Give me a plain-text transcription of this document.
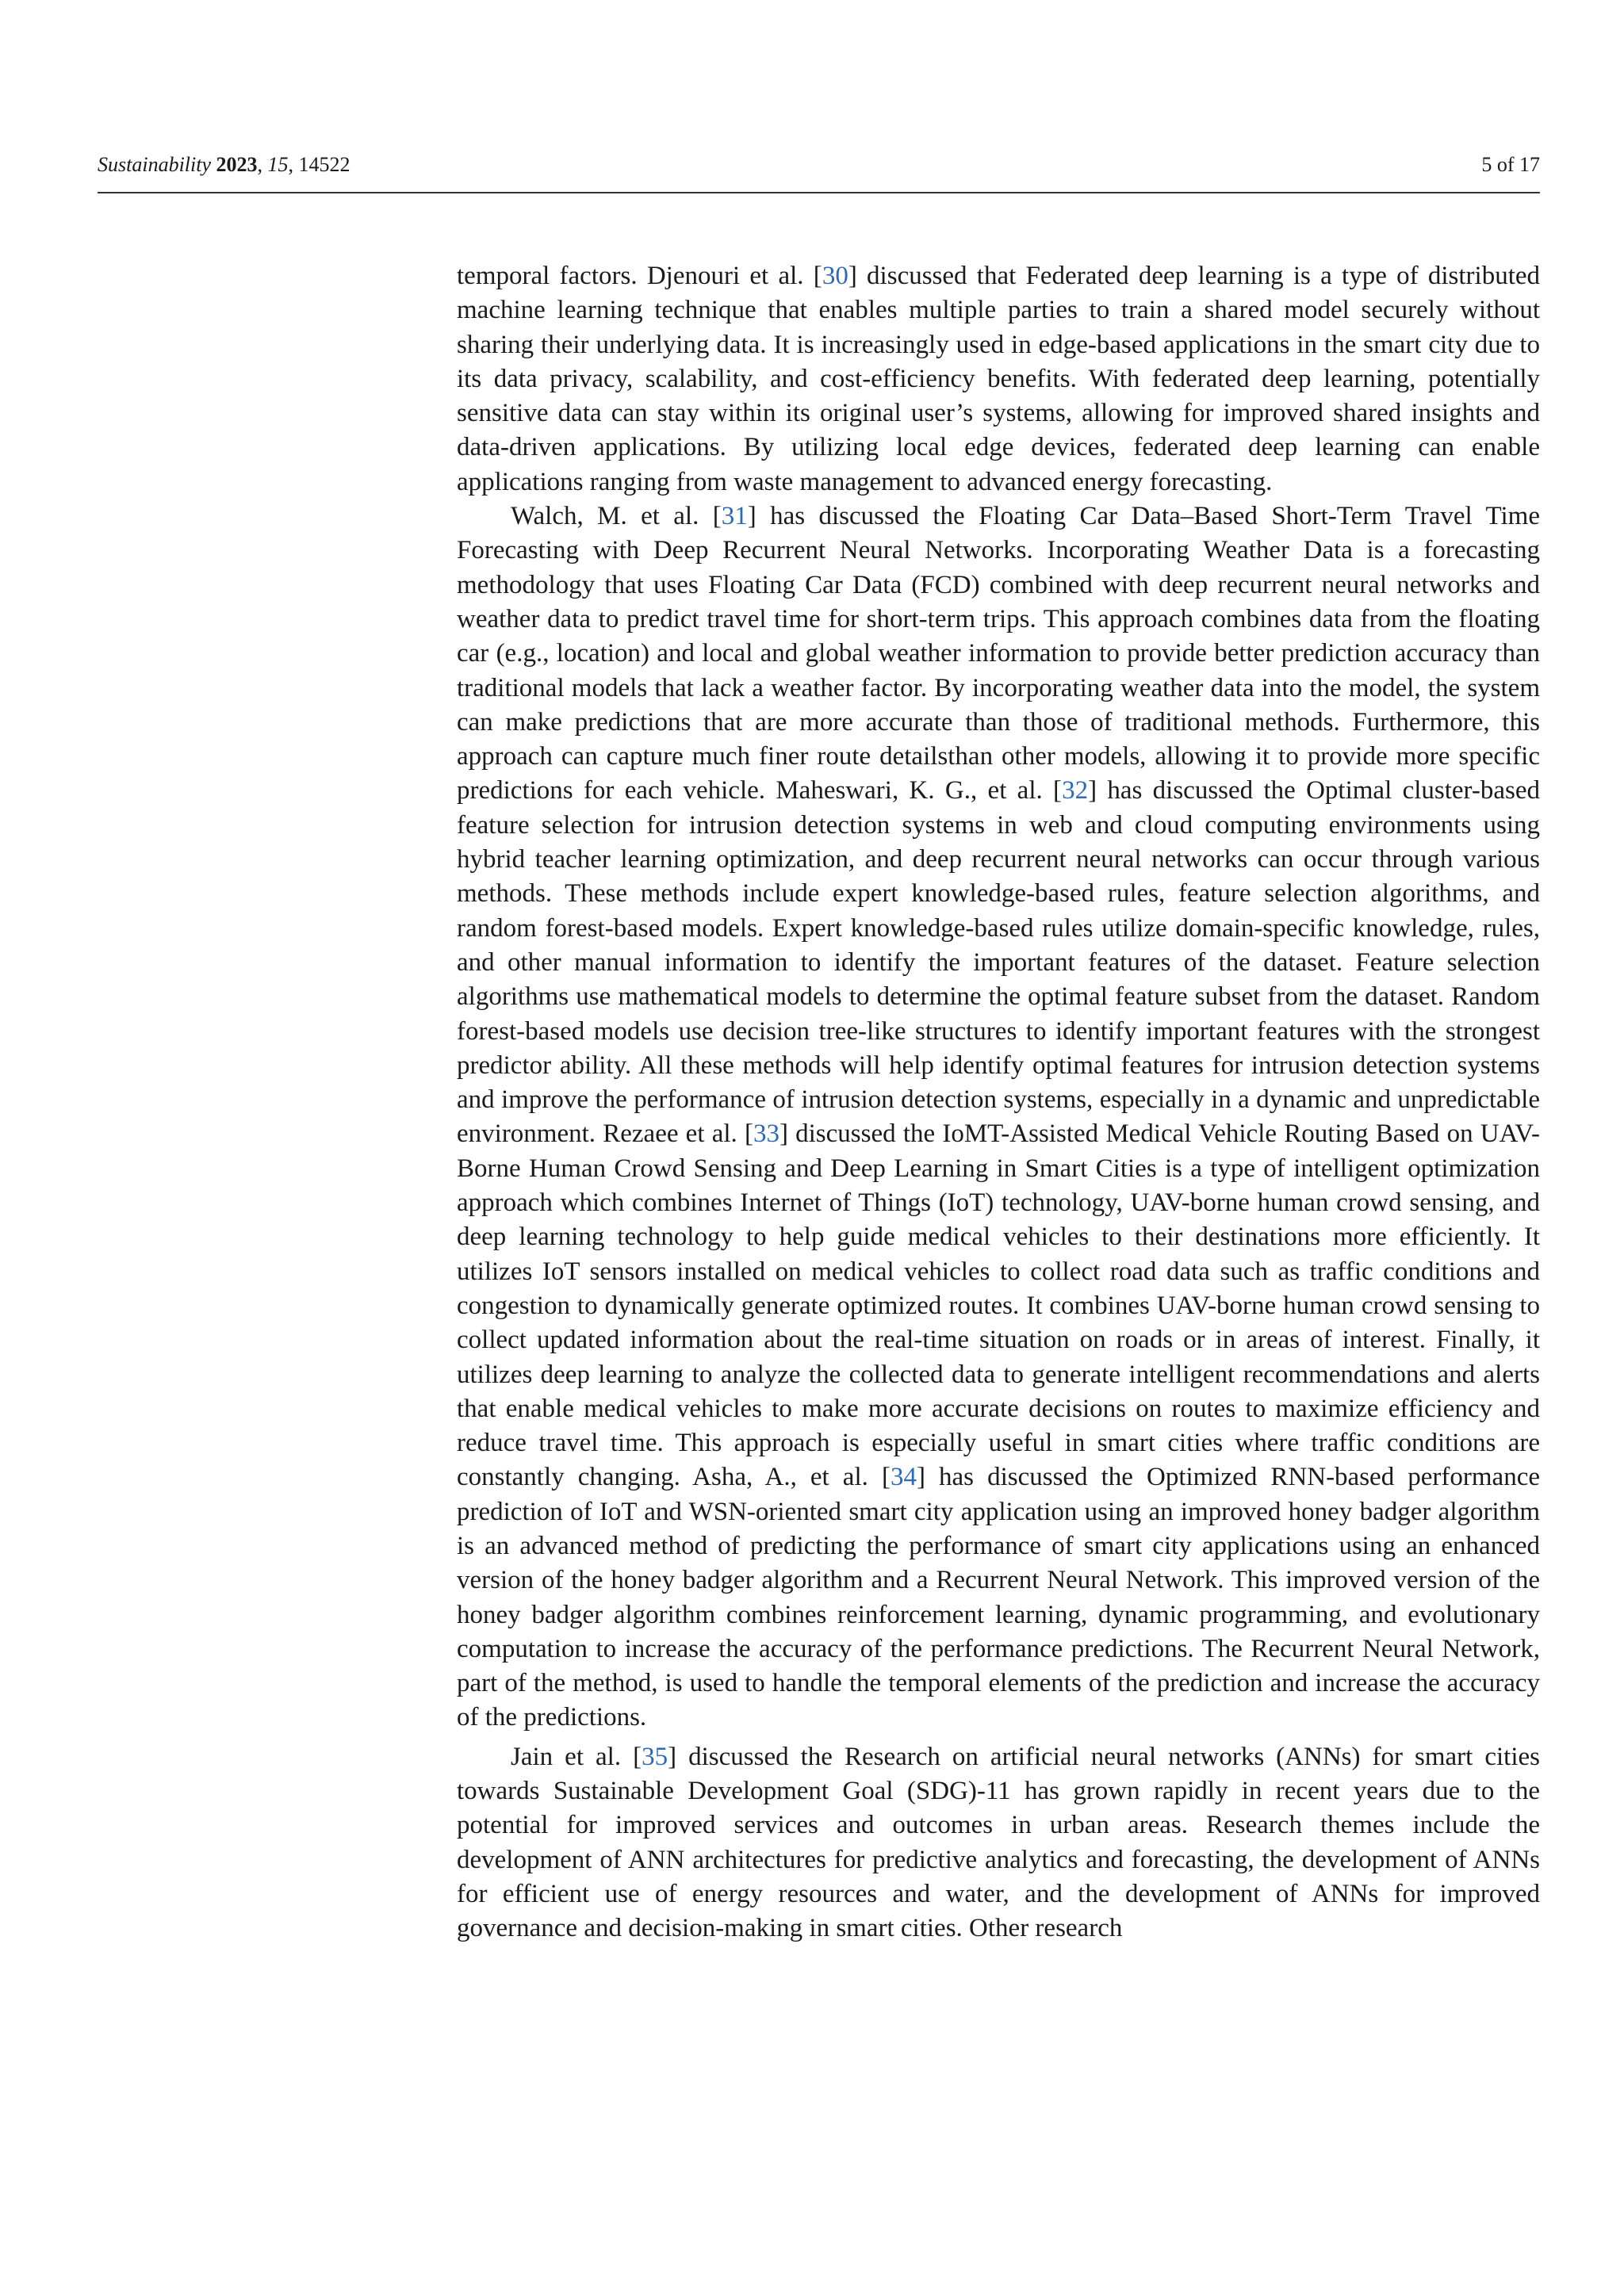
Sustainability 2023, 15, 14522	5 of 17

temporal factors. Djenouri et al. [30] discussed that Federated deep learning is a type of distributed machine learning technique that enables multiple parties to train a shared model securely without sharing their underlying data. It is increasingly used in edge-based applications in the smart city due to its data privacy, scalability, and cost-efficiency benefits. With federated deep learning, potentially sensitive data can stay within its original user’s systems, allowing for improved shared insights and data-driven applications. By utilizing local edge devices, federated deep learning can enable applications ranging from waste management to advanced energy forecasting.

Walch, M. et al. [31] has discussed the Floating Car Data–Based Short-Term Travel Time Forecasting with Deep Recurrent Neural Networks. Incorporating Weather Data is a forecasting methodology that uses Floating Car Data (FCD) combined with deep recurrent neural networks and weather data to predict travel time for short-term trips. This approach combines data from the floating car (e.g., location) and local and global weather information to provide better prediction accuracy than traditional models that lack a weather factor. By incorporating weather data into the model, the system can make predictions that are more accurate than those of traditional methods. Furthermore, this approach can capture much finer route detailsthan other models, allowing it to provide more specific predictions for each vehicle. Maheswari, K. G., et al. [32] has discussed the Optimal cluster-based feature selection for intrusion detection systems in web and cloud computing environments using hybrid teacher learning optimization, and deep recurrent neural networks can occur through various methods. These methods include expert knowledge-based rules, feature selection algorithms, and random forest-based models. Expert knowledge-based rules utilize domain-specific knowledge, rules, and other manual information to identify the important features of the dataset. Feature selection algorithms use mathematical models to determine the optimal feature subset from the dataset. Random forest-based models use decision tree-like structures to identify important features with the strongest predictor ability. All these methods will help identify optimal features for intrusion detection systems and improve the performance of intrusion detection systems, especially in a dynamic and unpredictable environment. Rezaee et al. [33] discussed the IoMT-Assisted Medical Vehicle Routing Based on UAV-Borne Human Crowd Sensing and Deep Learning in Smart Cities is a type of intelligent optimization approach which combines Internet of Things (IoT) technology, UAV-borne human crowd sensing, and deep learning technology to help guide medical vehicles to their destinations more efficiently. It utilizes IoT sensors installed on medical vehicles to collect road data such as traffic conditions and congestion to dynamically generate optimized routes. It combines UAV-borne human crowd sensing to collect updated information about the real-time situation on roads or in areas of interest. Finally, it utilizes deep learning to analyze the collected data to generate intelligent recommendations and alerts that enable medical vehicles to make more accurate decisions on routes to maximize efficiency and reduce travel time. This approach is especially useful in smart cities where traffic conditions are constantly changing. Asha, A., et al. [34] has discussed the Optimized RNN-based performance prediction of IoT and WSN-oriented smart city application using an improved honey badger algorithm is an advanced method of predicting the performance of smart city applications using an enhanced version of the honey badger algorithm and a Recurrent Neural Network. This improved version of the honey badger algorithm combines reinforcement learning, dynamic programming, and evolutionary computation to increase the accuracy of the performance predictions. The Recurrent Neural Network, part of the method, is used to handle the temporal elements of the prediction and increase the accuracy of the predictions.

Jain et al. [35] discussed the Research on artificial neural networks (ANNs) for smart cities towards Sustainable Development Goal (SDG)-11 has grown rapidly in recent years due to the potential for improved services and outcomes in urban areas. Research themes include the development of ANN architectures for predictive analytics and forecasting, the development of ANNs for efficient use of energy resources and water, and the development of ANNs for improved governance and decision-making in smart cities. Other research
